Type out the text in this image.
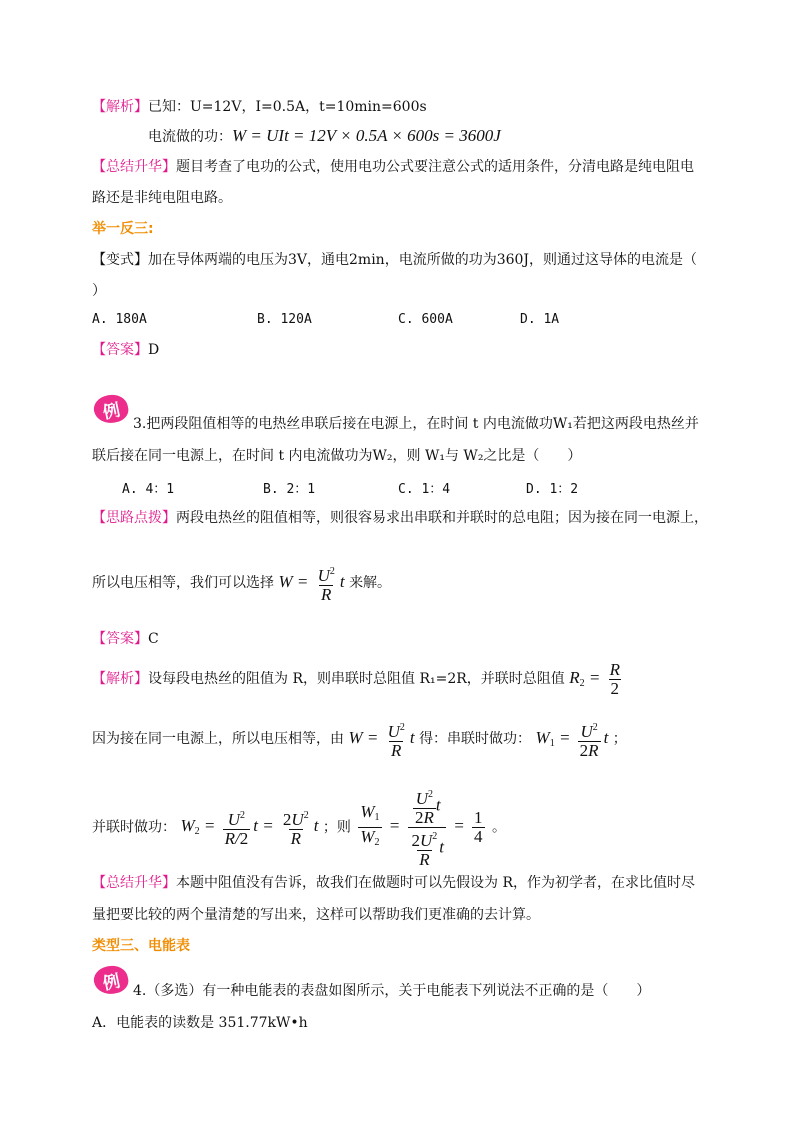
【解析】已知：U=12V，I=0.5A，t=10min=600s
电流做的功：W = UIt = 12V × 0.5A × 600s = 3600J
【总结升华】题目考查了电功的公式，使用电功公式要注意公式的适用条件，分清电路是纯电阻电
路还是非纯电阻电路。
举一反三:
【变式】加在导体两端的电压为3V，通电2min，电流所做的功为360J，则通过这导体的电流是（
）
A. 180A	B. 120A	C. 600A	D. 1A
【答案】D
例
3.把两段阻值相等的电热丝串联后接在电源上，在时间 t 内电流做功W₁若把这两段电热丝并
联后接在同一电源上，在时间 t 内电流做功为W₂，则 W₁与 W₂之比是（　　）
A. 4：1	B. 2：1	C. 1：4	D. 1：2
【思路点拨】两段电热丝的阻值相等，则很容易求出串联和并联时的总电阻；因为接在同一电源上，
所以电压相等，我们可以选择 $W = \frac{U^2}{R}$ t 来解。
【答案】C
【解析】设每段电热丝的阻值为 R，则串联时总阻值 R₁=2R，并联时总阻值 $R_2 = \frac{R}{2}$
因为接在同一电源上，所以电压相等，由 $W = \frac{U^2}{R}$ t 得：串联时做功： $W_1 = \frac{U^2}{2R}$ t ；
并联时做功： $W_2 = \frac{U^2}{R/2}$ $t = \frac{2U^2}{R}$ t ；则 $\frac{W_1}{W_2} = \frac{\frac{U^2}{2R} t}{\frac{2U^2}{R} t} = \frac{1}{4}$ 。
【总结升华】本题中阻值没有告诉，故我们在做题时可以先假设为 R，作为初学者，在求比值时尽
量把要比较的两个量清楚的写出来，这样可以帮助我们更准确的去计算。
类型三、电能表
例 4.（多选）有一种电能表的表盘如图所示，关于电能表下列说法不正确的是（　　）
A．电能表的读数是 351.77kW•h
